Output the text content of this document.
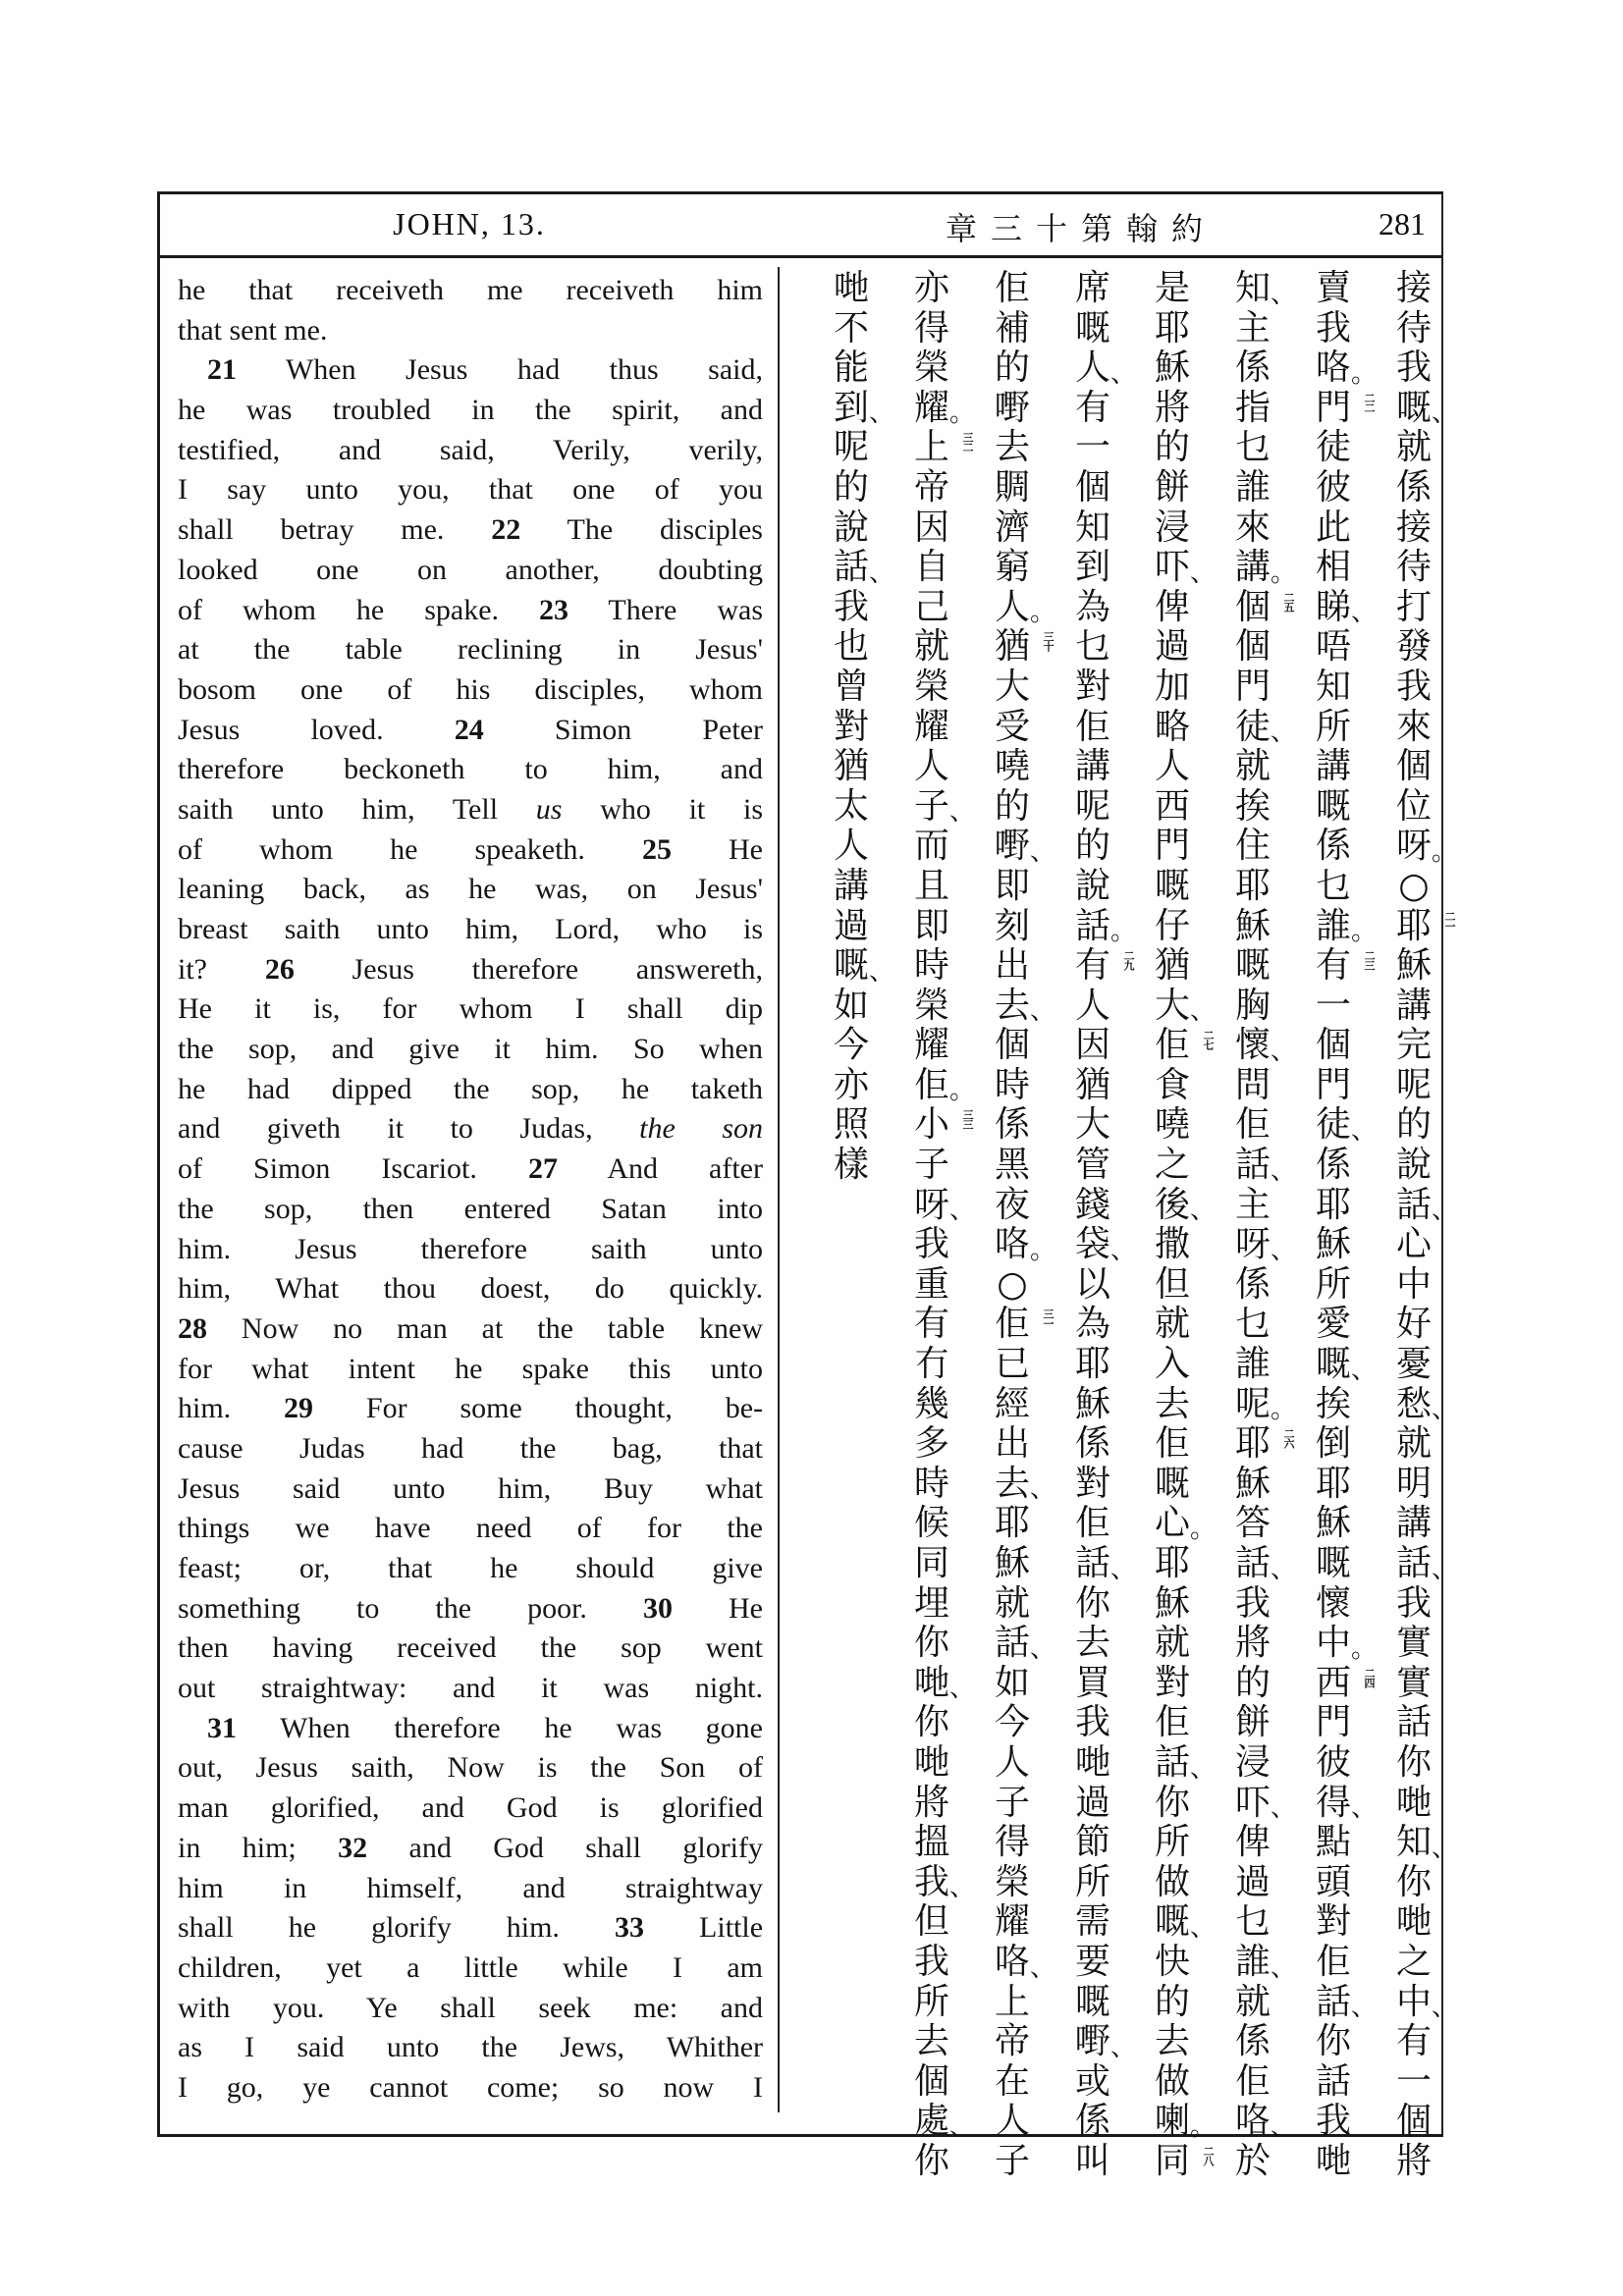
JOHN, 13.	章三十第翰約	281
he that receiveth me receiveth him
that sent me.
21 When Jesus had thus said,
he was troubled in the spirit, and
testified, and said, Verily, verily,
I say unto you, that one of you
shall betray me. 22 The disciples
looked one on another, doubting
of whom he spake. 23 There was
at the table reclining in Jesus'
bosom one of his disciples, whom
Jesus loved. 24 Simon Peter
therefore beckoneth to him, and
saith unto him, Tell us who it is
of whom he speaketh. 25 He
leaning back, as he was, on Jesus'
breast saith unto him, Lord, who is
it? 26 Jesus therefore answereth,
He it is, for whom I shall dip
the sop, and give it him. So when
he had dipped the sop, he taketh
and giveth it to Judas, the son
of Simon Iscariot. 27 And after
the sop, then entered Satan into
him. Jesus therefore saith unto
him, What thou doest, do quickly.
28 Now no man at the table knew
for what intent he spake this unto
him. 29 For some thought, be-
cause Judas had the bag, that
Jesus said unto him, Buy what
things we have need of for the
feast; or, that he should give
something to the poor. 30 He
then having received the sop went
out straightway: and it was night.
31 When therefore he was gone
out, Jesus saith, Now is the Son of
man glorified, and God is glorified
in him; 32 and God shall glorify
him in himself, and straightway
shall he glorify him. 33 Little
children, yet a little while I am
with you. Ye shall seek me: and
as I said unto the Jews, Whither
I go, ye cannot come; so now I
接
待
我
嘅 、
就
係
接
待
打
發
我
來
個
位
呀 。
○
耶 二一
穌
講
完
呢
的
說
話 、
心
中
好
憂
愁 、
就
明
講
話 、
我
實
實
話
你
哋
知 、
你
哋
之
中 、
有
一
個
將
賣
我
咯 。
門 二二
徒
彼
此
相
睇 、
唔
知
所
講
嘅
係
乜
誰 。
有 二三
一
個
門
徒 、
係
耶
穌
所
愛
嘅 、
挨
倒
耶
穌
嘅
懷
中 。
西 二四
門
彼
得 、
點
頭
對
佢
話 、
你
話
我
哋
知 、
主
係
指
乜
誰
來
講 。
個 二五
個
門
徒 、
就
挨
住
耶
穌
嘅
胸
懷 、
問
佢
話 、
主
呀 、
係
乜
誰
呢 。
耶 二六
穌
答
話 、
我
將
的
餅
浸
吓 、
俾
過
乜
誰 、
就
係
佢
咯 、
於
是
耶
穌
將
的
餅
浸
吓 、
俾
過
加
略
人
西
門
嘅
仔
猶
大 、
佢 二七
食
嘵
之
後 、
撒
但
就
入
去
佢
嘅
心 。
耶
穌
就
對
佢
話 、
你
所
做
嘅 、
快
的
去
做
喇 。
同 二八
席
嘅
人 、
有
一
個
知
到
為
乜
對
佢
講
呢
的
說
話 。
有 二九
人
因
猶
大
管
錢
袋 、
以
為
耶
穌
係
對
佢
話 、
你
去
買
我
哋
過
節
所
需
要
嘅
嘢 、
或
係
叫
佢
補
的
嘢
去
賙
濟
窮
人 。
猶 三十
大
受
嘵
的
嘢 、
即
刻
出
去 、
個
時
係
黑
夜
咯 。
○
佢 三一
已
經
出
去 、
耶
穌
就
話 、
如
今
人
子
得
榮
耀
咯 、
上
帝
在
人
子
亦
得
榮
耀 。
上 三二
帝
因
自
己
就
榮
耀
人
子 、
而
且
即
時
榮
耀
佢 。
小 三三
子
呀 、
我
重
有
冇
幾
多
時
候
同
埋
你
哋 、
你
哋
將
搵
我 、
但
我
所
去
個
處 、
你
哋
不
能
到 、
呢
的
說
話 、
我
也
曾
對
猶
太
人
講
過
嘅 、
如
今
亦
照
樣
